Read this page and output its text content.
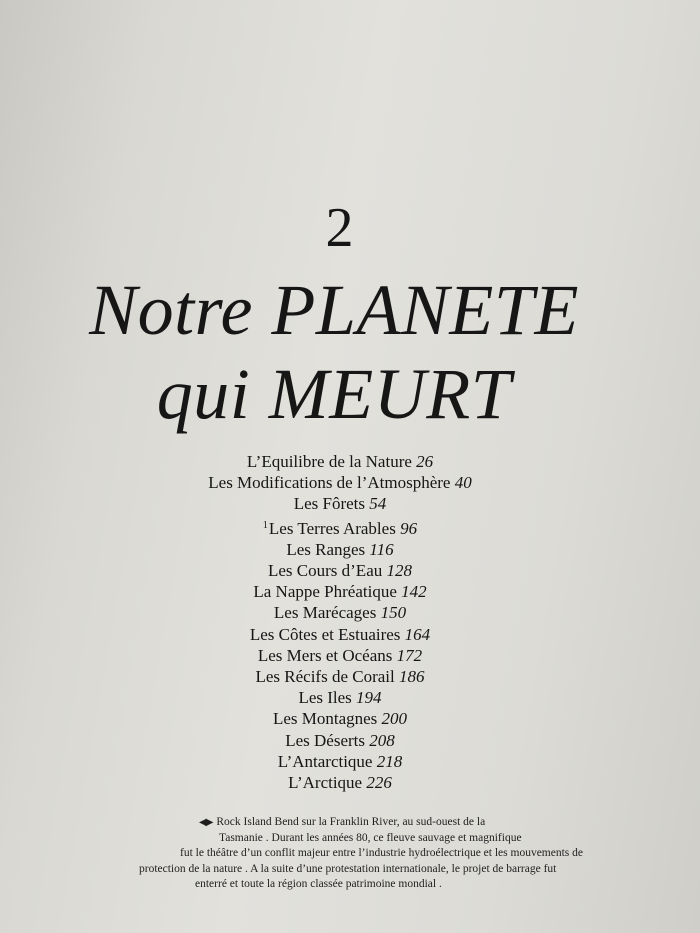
2
Notre PLANETE
qui MEURT
L’Equilibre de la Nature 26
Les Modifications de l’Atmosphère 40
Les Fôrets 54
$^1$Les Terres Arables 96
Les Ranges 116
Les Cours d’Eau 128
La Nappe Phréatique 142
Les Marécages 150
Les Côtes et Estuaires 164
Les Mers et Océans 172
Les Récifs de Corail 186
Les Iles 194
Les Montagnes 200
Les Déserts 208
L’Antarctique 218
L’Arctique 226
◀▶ Rock Island Bend sur la Franklin River, au sud-ouest de la
Tasmanie . Durant les années 80, ce fleuve sauvage et magnifique
fut le théâtre d’un conflit majeur entre l’industrie hydroélectrique et les mouvements de
protection de la nature . A la suite d’une protestation internationale, le projet de barrage fut
enterré et toute la région classée patrimoine mondial .
